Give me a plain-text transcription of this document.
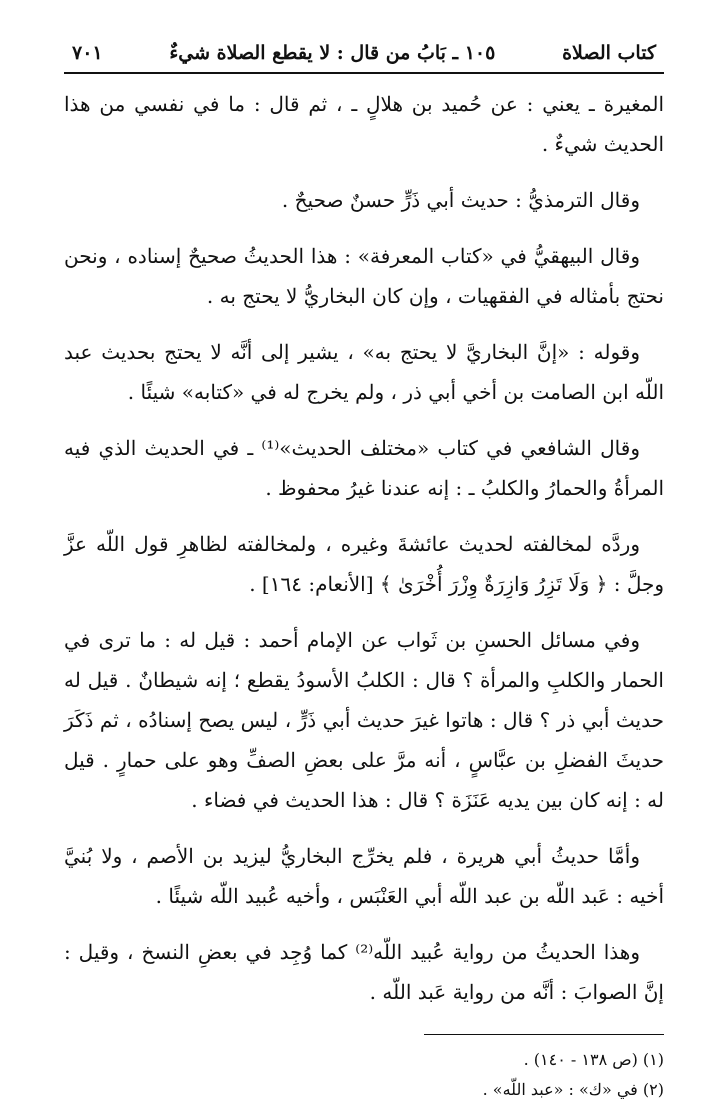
كتاب الصلاة
١٠٥ ـ بَابُ من قال : لا يقطع الصلاة شيءٌ
٧٠١

المغيرة ـ يعني : عن حُميد بن هلالٍ ـ ، ثم قال : ما في نفسي من هذا الحديث شيءٌ .

وقال الترمذيُّ : حديث أبي ذَرٍّ حسنٌ صحيحٌ .

وقال البيهقيُّ في «كتاب المعرفة» : هذا الحديثُ صحيحٌ إسناده ، ونحن نحتج بأمثاله في الفقهيات ، وإن كان البخاريُّ لا يحتج به .

وقوله : «إنَّ البخاريَّ لا يحتج به» ، يشير إلى أنَّه لا يحتج بحديث عبد اللّه ابن الصامت بن أخي أبي ذر ، ولم يخرج له في «كتابه» شيئًا .

وقال الشافعي في كتاب «مختلف الحديث»⁽¹⁾ ـ في الحديث الذي فيه المرأةُ والحمارُ والكلبُ ـ : إنه عندنا غيرُ محفوظ .

وردَّه لمخالفته لحديث عائشةَ وغيره ، ولمخالفته لظاهرِ قول اللّه عزَّ وجلَّ : ﴿ وَلَا تَزِرُ وَازِرَةٌ وِزْرَ أُخْرَىٰ ﴾ [الأنعام: ١٦٤] .

وفي مسائل الحسنِ بن ثَواب عن الإمام أحمد : قيل له : ما ترى في الحمار والكلبِ والمرأة ؟ قال : الكلبُ الأسودُ يقطع ؛ إنه شيطانٌ . قيل له حديث أبي ذر ؟ قال : هاتوا غيرَ حديث أبي ذَرٍّ ، ليس يصح إسنادُه ، ثم ذَكَرَ حديثَ الفضلِ بن عبَّاسٍ ، أنه مرَّ على بعضِ الصفِّ وهو على حمارٍ . قيل له : إنه كان بين يديه عَنَزَة ؟ قال : هذا الحديث في فضاء .

وأمَّا حديثُ أبي هريرة ، فلم يخرِّج البخاريُّ ليزيد بن الأصم ، ولا بُنيَّ أخيه : عَبد اللّه بن عبد اللّه أبي العَنْبَس ، وأخيه عُبيد اللّه شيئًا .

وهذا الحديثُ من رواية عُبيد اللّه⁽²⁾ كما وُجِد في بعضِ النسخ ، وقيل : إنَّ الصوابَ : أنَّه من رواية عَبد اللّه .

(١) (ص ١٣٨ - ١٤٠) .

(٢) في «ك» : «عبد اللّه» .
